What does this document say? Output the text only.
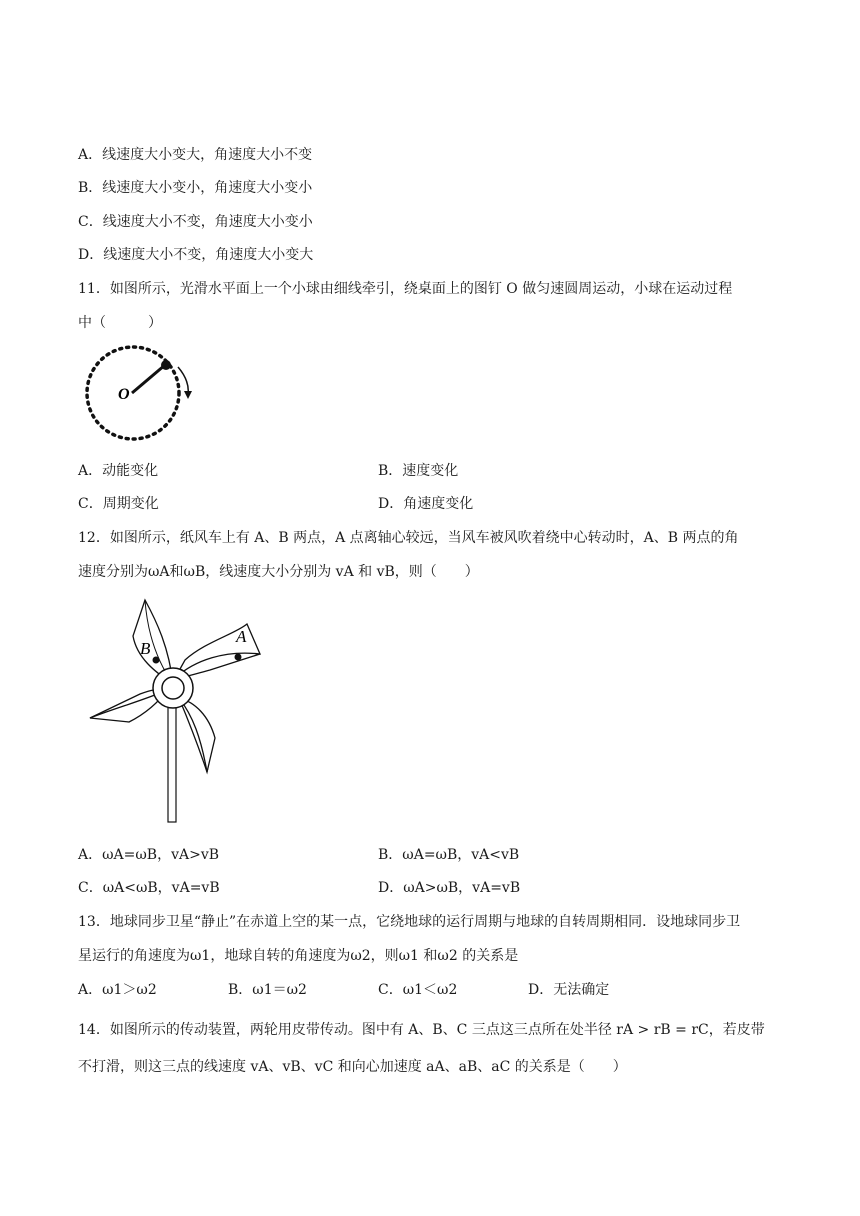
A．线速度大小变大，角速度大小不变
B．线速度大小变小，角速度大小变小
C．线速度大小不变，角速度大小变小
D．线速度大小不变，角速度大小变大
11．如图所示，光滑水平面上一个小球由细线牵引，绕桌面上的图钉 O 做匀速圆周运动，小球在运动过程
中（　　　）
O
A．动能变化	B．速度变化
C．周期变化	D．角速度变化
12．如图所示，纸风车上有 A、B 两点，A 点离轴心较远，当风车被风吹着绕中心转动时，A、B 两点的角
速度分别为ωA和ωB，线速度大小分别为 vA 和 vB，则（　　）
B
A
A．ωA=ωB，vA>vB	B．ωA=ωB，vA<vB
C．ωA<ωB，vA=vB	D．ωA>ωB，vA=vB
13．地球同步卫星“静止”在赤道上空的某一点，它绕地球的运行周期与地球的自转周期相同．设地球同步卫
星运行的角速度为ω1，地球自转的角速度为ω2，则ω1 和ω2 的关系是
A．ω1＞ω2	B．ω1＝ω2	C．ω1＜ω2	D．无法确定
14．如图所示的传动装置，两轮用皮带传动。图中有 A、B、C 三点这三点所在处半径 rA > rB = rC，若皮带
不打滑，则这三点的线速度 vA、vB、vC 和向心加速度 aA、aB、aC 的关系是（　　）
